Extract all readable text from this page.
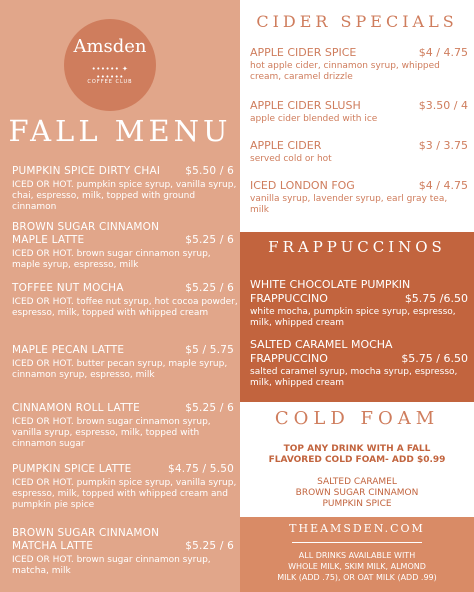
Amsden
•••••• ✦ ••••••
COFFEE CLUB
FALL MENU
PUMPKIN SPICE DIRTY CHAI $5.50 / 6
ICED OR HOT. pumpkin spice syrup, vanilla syrup, chai, espresso, milk, topped with ground cinnamon
BROWN SUGAR CINNAMON
MAPLE LATTE	$5.25 / 6
ICED OR HOT. brown sugar cinnamon syrup, maple syrup, espresso, milk
TOFFEE NUT MOCHA	$5.25 / 6
ICED OR HOT. toffee nut syrup, hot cocoa powder, espresso, milk, topped with whipped cream
MAPLE PECAN LATTE	$5 / 5.75
ICED OR HOT. butter pecan syrup, maple syrup, cinnamon syrup, espresso, milk
CINNAMON ROLL LATTE	$5.25 / 6
ICED OR HOT. brown sugar cinnamon syrup, vanilla syrup, espresso, milk, topped with cinnamon sugar
PUMPKIN SPICE LATTE	$4.75 / 5.50
ICED OR HOT. pumpkin spice syrup, vanilla syrup, espresso, milk, topped with whipped cream and pumpkin pie spice
BROWN SUGAR CINNAMON
MATCHA LATTE	$5.25 / 6
ICED OR HOT. brown sugar cinnamon syrup, matcha, milk
CIDER SPECIALS
APPLE CIDER SPICE	$4 / 4.75
hot apple cider, cinnamon syrup, whipped cream, caramel drizzle
APPLE CIDER SLUSH	$3.50 / 4
apple cider blended with ice
APPLE CIDER	$3 / 3.75
served cold or hot
ICED LONDON FOG	$4 / 4.75
vanilla syrup, lavender syrup, earl gray tea, milk
FRAPPUCCINOS
WHITE CHOCOLATE PUMPKIN
FRAPPUCCINO	$5.75 /6.50
white mocha, pumpkin spice syrup, espresso, milk, whipped cream
SALTED CARAMEL MOCHA
FRAPPUCCINO	$5.75 / 6.50
salted caramel syrup, mocha syrup, espresso, milk, whipped cream
COLD FOAM
TOP ANY DRINK WITH A FALL
FLAVORED COLD FOAM- ADD $0.99
SALTED CARAMEL
BROWN SUGAR CINNAMON
PUMPKIN SPICE
THEAMSDEN.COM
ALL DRINKS AVAILABLE WITH
WHOLE MILK, SKIM MILK, ALMOND
MILK (ADD .75), OR OAT MILK (ADD .99)
